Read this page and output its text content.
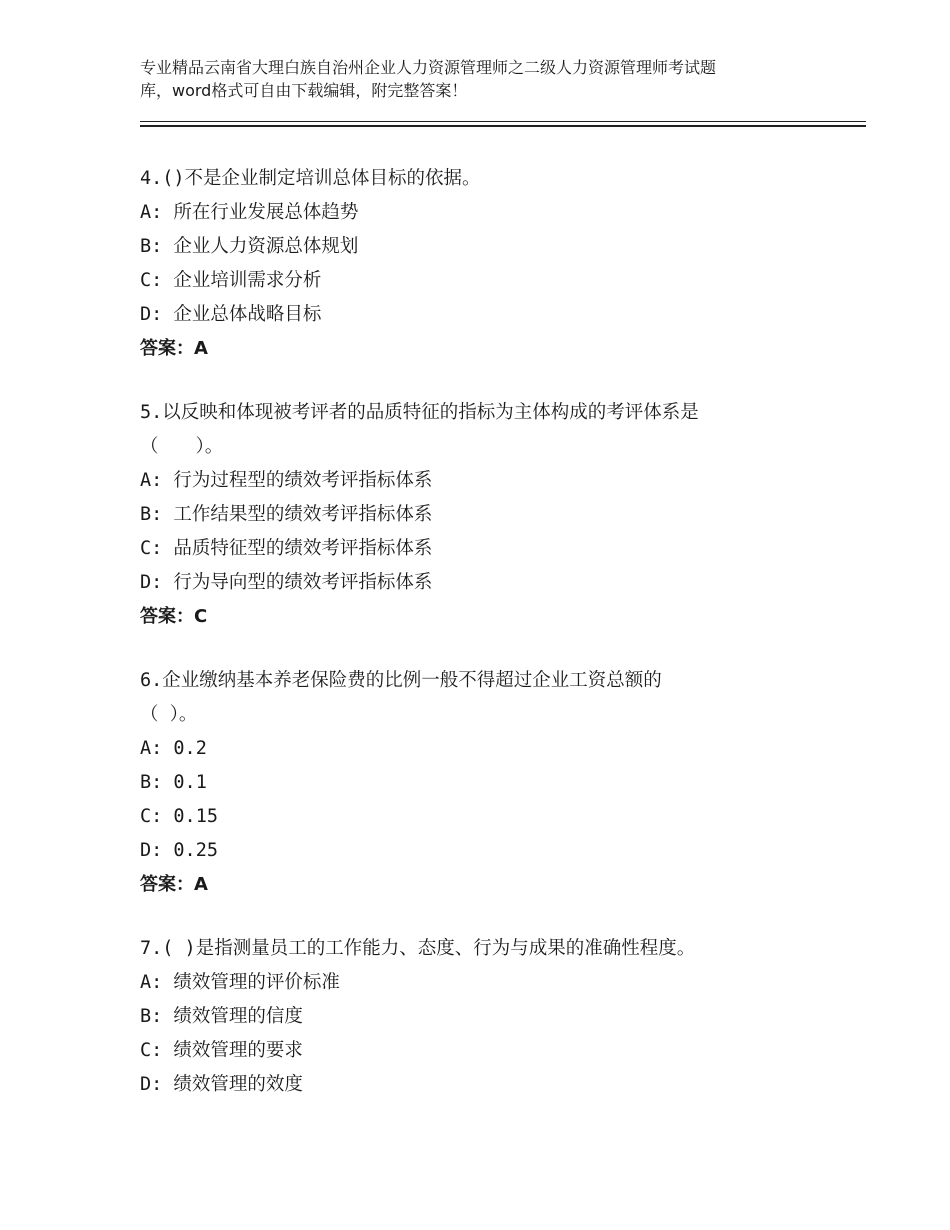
专业精品云南省大理白族自治州企业人力资源管理师之二级人力资源管理师考试题
库，word格式可自由下载编辑，附完整答案！
4.()不是企业制定培训总体目标的依据。
A: 所在行业发展总体趋势
B: 企业人力资源总体规划
C: 企业培训需求分析
D: 企业总体战略目标
答案：A
5.以反映和体现被考评者的品质特征的指标为主体构成的考评体系是
（　　）。
A: 行为过程型的绩效考评指标体系
B: 工作结果型的绩效考评指标体系
C: 品质特征型的绩效考评指标体系
D: 行为导向型的绩效考评指标体系
答案：C
6.企业缴纳基本养老保险费的比例一般不得超过企业工资总额的
（ ）。
A: 0.2
B: 0.1
C: 0.15
D: 0.25
答案：A
7.( )是指测量员工的工作能力、态度、行为与成果的准确性程度。
A: 绩效管理的评价标准
B: 绩效管理的信度
C: 绩效管理的要求
D: 绩效管理的效度
